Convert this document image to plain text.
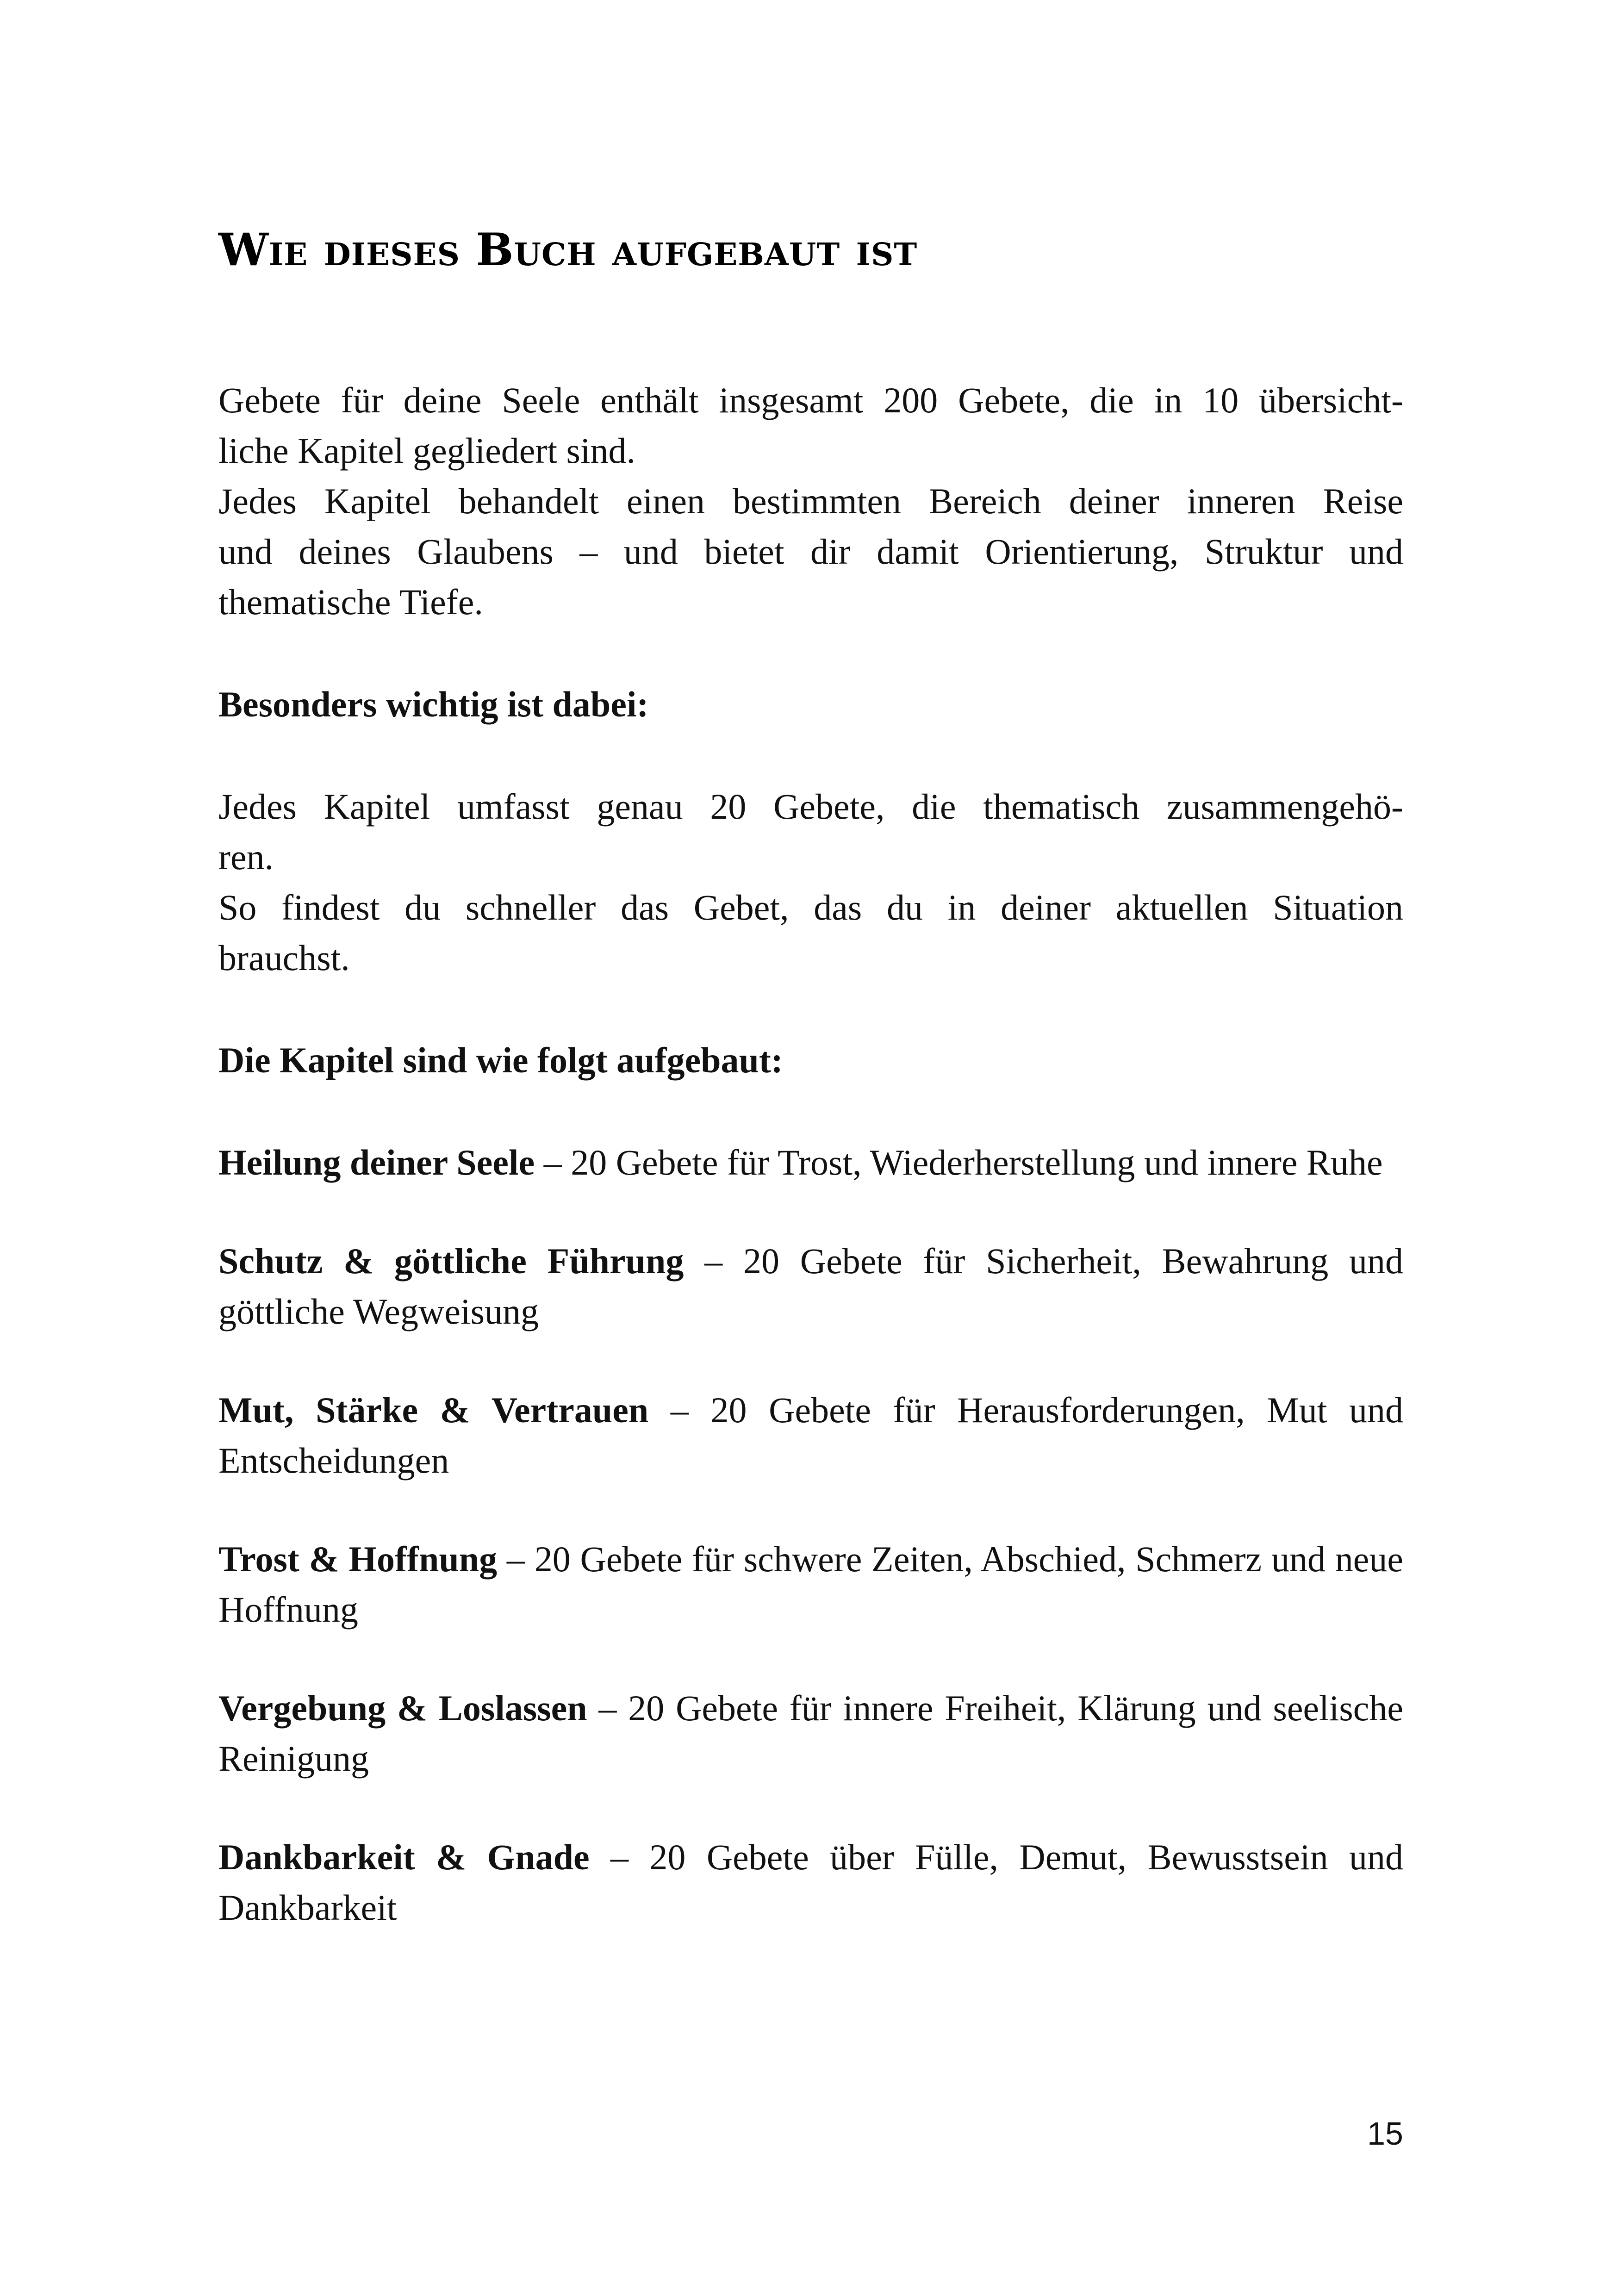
Wie dieses Buch aufgebaut ist

Gebete für deine Seele enthält insgesamt 200 Gebete, die in 10 übersicht-
liche Kapitel gegliedert sind.
Jedes Kapitel behandelt einen bestimmten Bereich deiner inneren Reise
und deines Glaubens – und bietet dir damit Orientierung, Struktur und
thematische Tiefe.

Besonders wichtig ist dabei:

Jedes Kapitel umfasst genau 20 Gebete, die thematisch zusammengehö-
ren.
So findest du schneller das Gebet, das du in deiner aktuellen Situation
brauchst.

Die Kapitel sind wie folgt aufgebaut:

Heilung deiner Seele – 20 Gebete für Trost, Wiederherstellung und innere Ruhe

Schutz & göttliche Führung – 20 Gebete für Sicherheit, Bewahrung und göttliche Wegweisung

Mut, Stärke & Vertrauen – 20 Gebete für Herausforderungen, Mut und Entscheidungen

Trost & Hoffnung – 20 Gebete für schwere Zeiten, Abschied, Schmerz und neue Hoffnung

Vergebung & Loslassen – 20 Gebete für innere Freiheit, Klärung und seelische Reinigung

Dankbarkeit & Gnade – 20 Gebete über Fülle, Demut, Bewusstsein und Dankbarkeit

15
